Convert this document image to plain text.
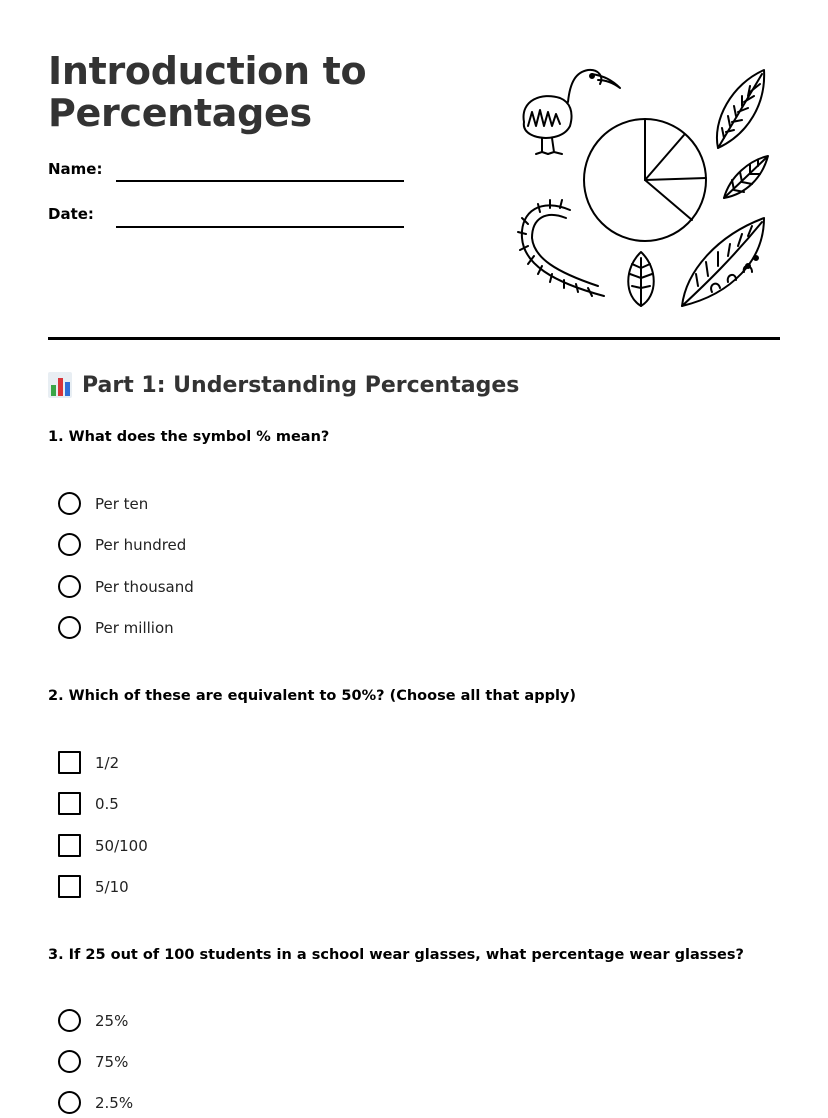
Introduction to
Percentages
Name:
Date:
Part 1: Understanding Percentages

1. What does the symbol % mean?

Per ten
Per hundred
Per thousand
Per million

2. Which of these are equivalent to 50%? (Choose all that apply)

1/2
0.5
50/100
5/10

3. If 25 out of 100 students in a school wear glasses, what percentage wear glasses?

25%
75%
2.5%
